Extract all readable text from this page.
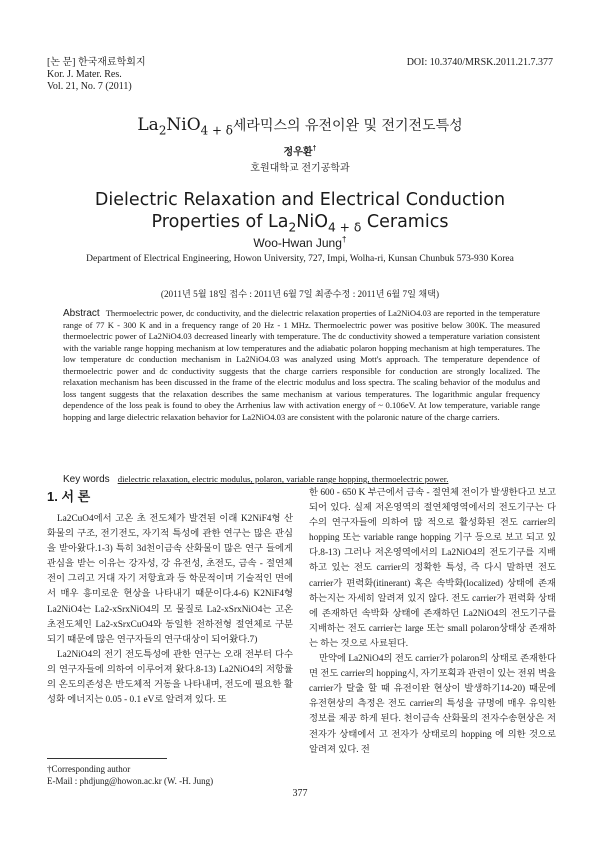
[논 문] 한국재료학회지
Kor. J. Mater. Res.
Vol. 21, No. 7 (2011)
DOI: 10.3740/MRSK.2011.21.7.377
$La_2NiO_{4 + \delta}$세라믹스의 유전이완 및 전기전도특성
정우환†
호원대학교 전기공학과
Dielectric Relaxation and Electrical Conduction
Properties of $La_2NiO_{4 + \delta}$ Ceramics
Woo-Hwan Jung†
Department of Electrical Engineering, Howon University, 727, Impi, Wolha-ri, Kunsan Chunbuk 573-930 Korea
(2011년 5월 18일 접수 : 2011년 6월 7일 최종수정 : 2011년 6월 7일 채택)
Abstract Thermoelectric power, dc conductivity, and the dielectric relaxation properties of La2NiO4.03 are reported in the temperature range of 77 K - 300 K and in a frequency range of 20 Hz - 1 MHz. Thermoelectric power was positive below 300K. The measured thermoelectric power of La2NiO4.03 decreased linearly with temperature. The dc conductivity showed a temperature variation consistent with the variable range hopping mechanism at low temperatures and the adiabatic polaron hopping mechanism at high temperatures. The low temperature dc conduction mechanism in La2NiO4.03 was analyzed using Mott's approach. The temperature dependence of thermoelectric power and dc conductivity suggests that the charge carriers responsible for conduction are strongly localized. The relaxation mechanism has been discussed in the frame of the electric modulus and loss spectra. The scaling behavior of the modulus and loss tangent suggests that the relaxation describes the same mechanism at various temperatures. The logarithmic angular frequency dependence of the loss peak is found to obey the Arrhenius law with activation energy of ~ 0.106eV. At low temperature, variable range hopping and large dielectric relaxation behavior for La2NiO4.03 are consistent with the polaronic nature of the charge carriers.
Key words dielectric relaxation, electric modulus, polaron, variable range hopping, thermoelectric power.
1. 서 론

La2CuO4에서 고온 초 전도체가 발견된 이래 K2NiF4형 산화물의 구조, 전기전도, 자기적 특성에 관한 연구는 많은 관심을 받아왔다.1-3) 특히 3d천이금속 산화물이 많은 연구 들에게 관심을 받는 이유는 강자성, 강 유전성, 초전도, 금속 - 절연체 전이 그리고 거대 자기 저항효과 등 학문적이며 기술적인 면에서 매우 흥미로운 현상을 나타내기 때문이다.4-6) K2NiF4형 La2NiO4는 La2-xSrxNiO4의 모 물질로 La2-xSrxNiO4는 고온 초전도체인 La2-xSrxCuO4와 동일한 전하전형 절연체로 구분되기 때문에 많은 연구자들의 연구대상이 되어왔다.7)

La2NiO4의 전기 전도특성에 관한 연구는 오래 전부터 다수의 연구자들에 의하여 이루어져 왔다.8-13) La2NiO4의 저항률의 온도의존성은 반도체적 거동을 나타내며, 전도에 필요한 활성화 에너지는 0.05 - 0.1 eV로 알려져 있다. 또

†Corresponding author
E-Mail : phdjung@howon.ac.kr (W. -H. Jung)

한 600 - 650 K 부근에서 금속 - 절연체 전이가 발생한다고 보고 되어 있다. 실제 저온영역의 절연체영역에서의 전도기구는 다수의 연구자들에 의하여 많 적으로 활성화된 전도 carrier의 hopping 또는 variable range hopping 기구 등으로 보고 되고 있다.8-13) 그러나 저온영역에서의 La2NiO4의 전도기구를 지배하고 있는 전도 carrier의 정확한 특성, 즉 다시 말하면 전도 carrier가 편력화(itinerant) 혹은 속박화(localized) 상태에 존재하는지는 자세히 알려져 있지 않다. 전도 carrier가 편력화 상태에 존재하던 속박화 상태에 존재하던 La2NiO4의 전도기구를 지배하는 전도 carrier는 large 또는 small polaron상태상 존재하는 하는 것으로 사료된다.

만약에 La2NiO4의 전도 carrier가 polaron의 상태로 존재한다면 전도 carrier의 hopping시, 자기포획과 관련이 있는 전위 벽을 carrier가 탈출 할 때 유전이완 현상이 발생하기14-20) 때문에 유전현상의 측정은 전도 carrier의 특성을 규명에 매우 유익한 정보를 제공 하게 된다. 천이금속 산화물의 전자수송현상은 저 전자가 상태에서 고 전자가 상태로의 hopping 에 의한 것으로 알려져 있다. 전

377
